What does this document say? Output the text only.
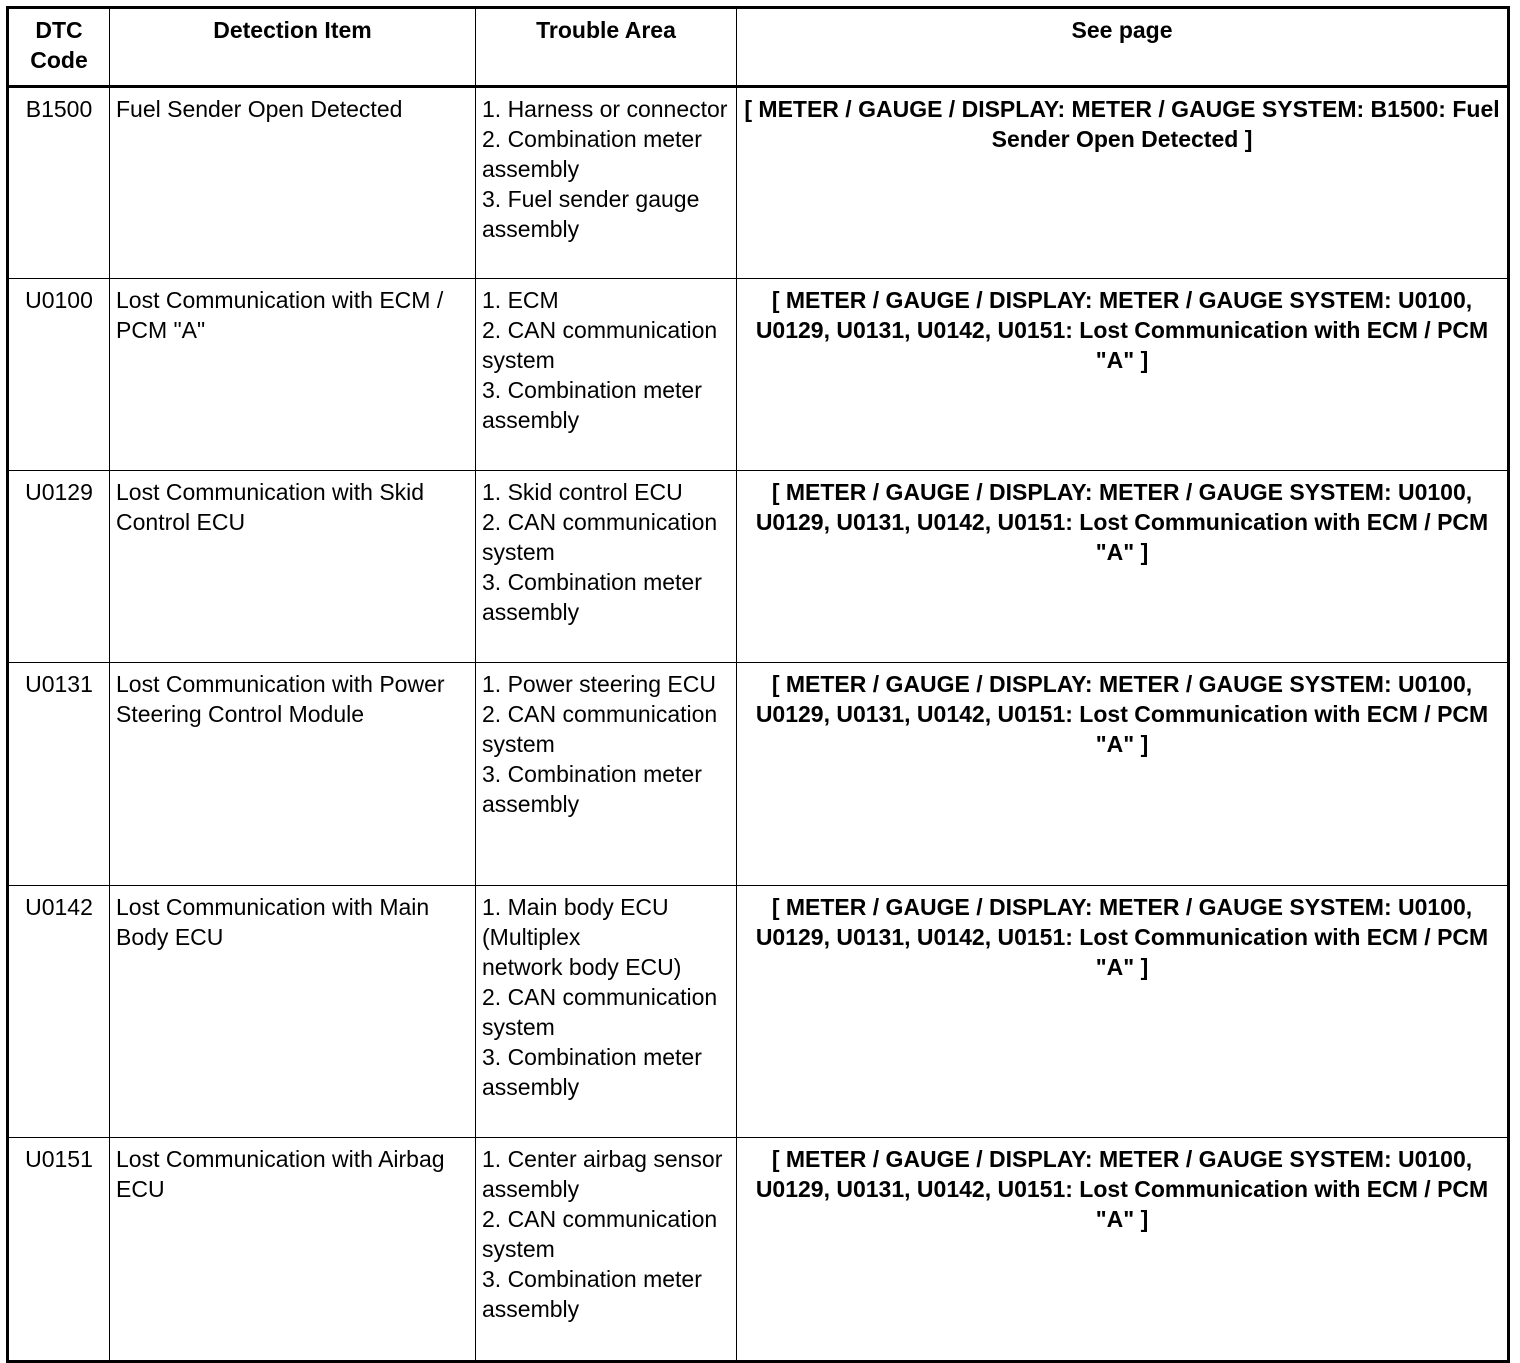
DTC
Code	Detection Item	Trouble Area	See page
B1500	Fuel Sender Open Detected	1. Harness or connector
2. Combination meter assembly
3. Fuel sender gauge assembly	[ METER / GAUGE / DISPLAY: METER / GAUGE SYSTEM: B1500: Fuel Sender Open Detected ]
U0100	Lost Communication with ECM / PCM "A"	1. ECM
2. CAN communication system
3. Combination meter assembly	[ METER / GAUGE / DISPLAY: METER / GAUGE SYSTEM: U0100, U0129, U0131, U0142, U0151: Lost Communication with ECM / PCM "A" ]
U0129	Lost Communication with Skid Control ECU	1. Skid control ECU
2. CAN communication system
3. Combination meter assembly	[ METER / GAUGE / DISPLAY: METER / GAUGE SYSTEM: U0100, U0129, U0131, U0142, U0151: Lost Communication with ECM / PCM "A" ]
U0131	Lost Communication with Power Steering Control Module	1. Power steering ECU
2. CAN communication system
3. Combination meter assembly	[ METER / GAUGE / DISPLAY: METER / GAUGE SYSTEM: U0100, U0129, U0131, U0142, U0151: Lost Communication with ECM / PCM "A" ]
U0142	Lost Communication with Main Body ECU	1. Main body ECU (Multiplex
network body ECU)
2. CAN communication system
3. Combination meter assembly	[ METER / GAUGE / DISPLAY: METER / GAUGE SYSTEM: U0100, U0129, U0131, U0142, U0151: Lost Communication with ECM / PCM "A" ]
U0151	Lost Communication with Airbag ECU	1. Center airbag sensor assembly
2. CAN communication system
3. Combination meter assembly	[ METER / GAUGE / DISPLAY: METER / GAUGE SYSTEM: U0100, U0129, U0131, U0142, U0151: Lost Communication with ECM / PCM "A" ]
